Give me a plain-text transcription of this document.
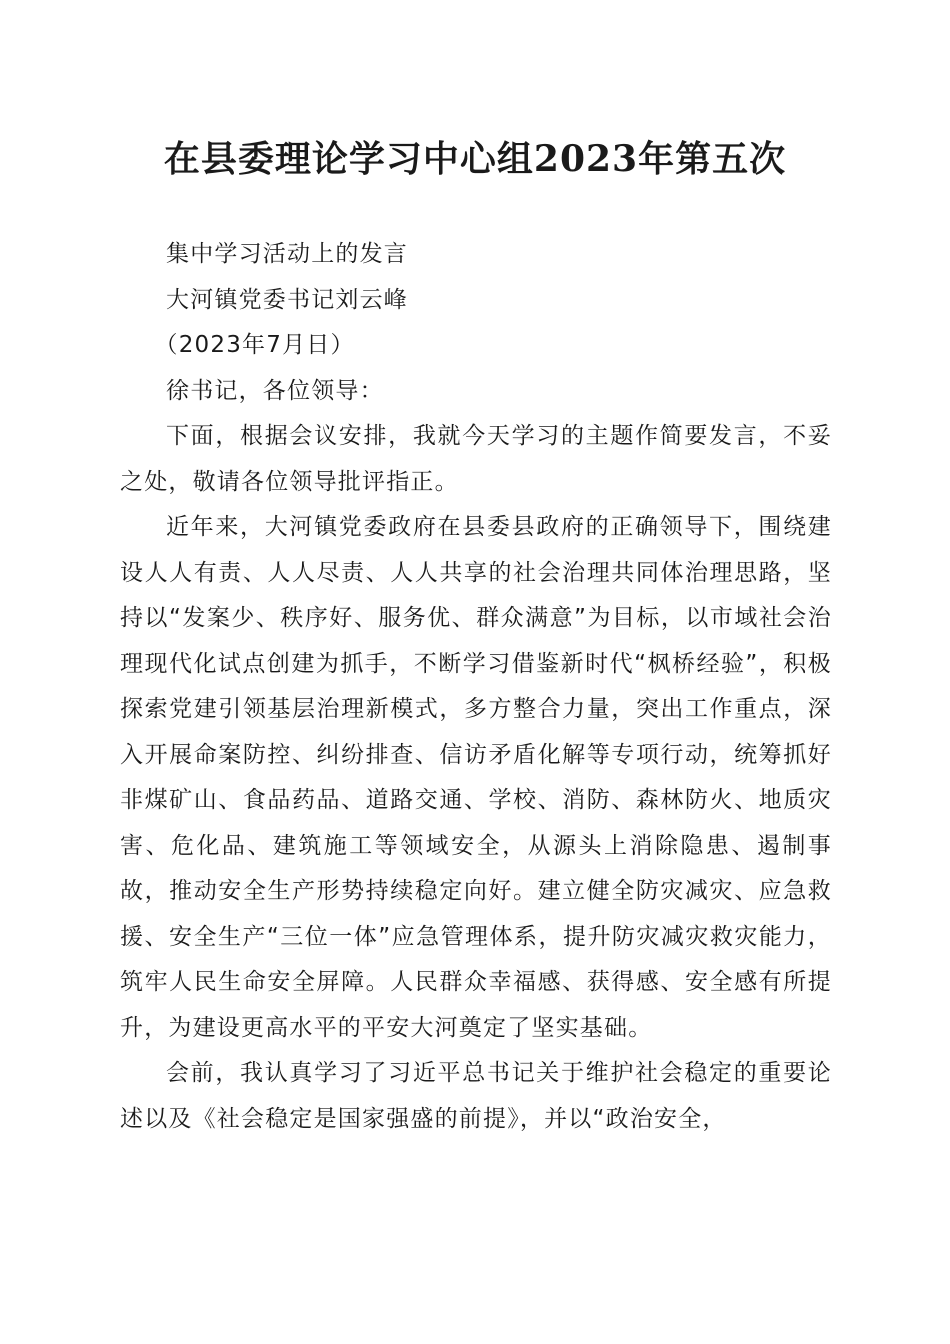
在县委理论学习中心组2023年第五次

集中学习活动上的发言

大河镇党委书记刘云峰

（2023年7月日）

徐书记，各位领导：

下面，根据会议安排，我就今天学习的主题作简要发言，不妥之处，敬请各位领导批评指正。

近年来，大河镇党委政府在县委县政府的正确领导下，围绕建设人人有责、人人尽责、人人共享的社会治理共同体治理思路，坚持以“发案少、秩序好、服务优、群众满意”为目标，以市域社会治理现代化试点创建为抓手，不断学习借鉴新时代“枫桥经验”，积极探索党建引领基层治理新模式，多方整合力量，突出工作重点，深入开展命案防控、纠纷排查、信访矛盾化解等专项行动，统筹抓好非煤矿山、食品药品、道路交通、学校、消防、森林防火、地质灾害、危化品、建筑施工等领域安全，从源头上消除隐患、遏制事故，推动安全生产形势持续稳定向好。建立健全防灾减灾、应急救援、安全生产“三位一体”应急管理体系，提升防灾减灾救灾能力，筑牢人民生命安全屏障。人民群众幸福感、获得感、安全感有所提升，为建设更高水平的平安大河奠定了坚实基础。

会前，我认真学习了习近平总书记关于维护社会稳定的重要论述以及《社会稳定是国家强盛的前提》，并以“政治安全，
